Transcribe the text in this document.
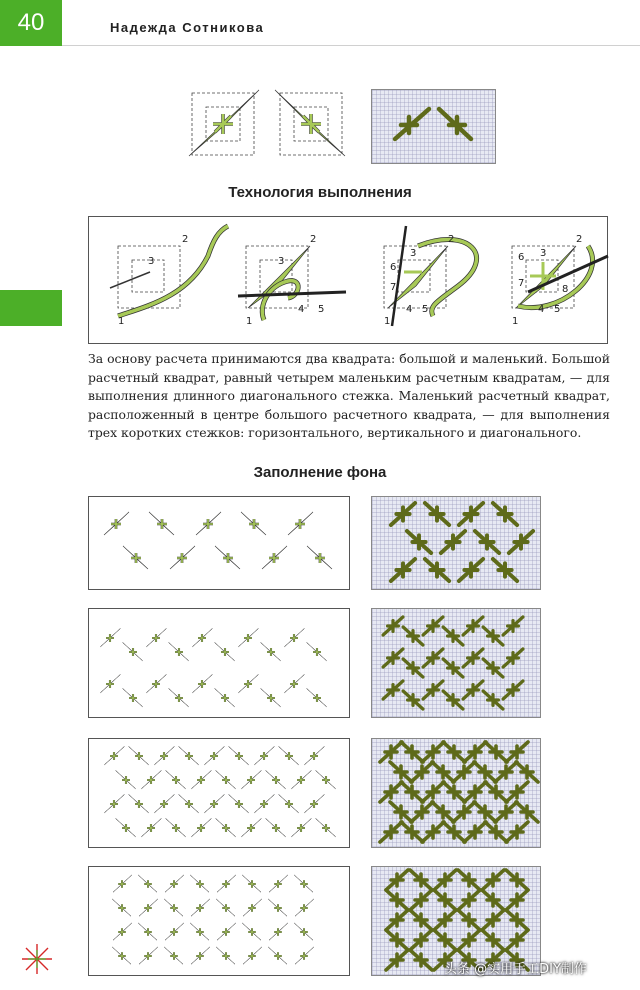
40	Надежда Сотникова
Технология выполнения
1
2
3
1
2
3
4 5
1
2
3
4 5
6
7
1
2
3
4 5
6
7
8
За основу расчета принимаются два квадрата: большой и маленький. Большой расчетный квадрат, равный четырем маленьким расчетным квадратам, — для выполнения длинного диагонального стежка. Маленький расчетный квадрат, расположенный в центре большого расчетного квадрата, — для выполнения трех коротких стежков: горизонтального, вертикального и диагонального.
Заполнение фона
头条 @实用手工DIY制作
